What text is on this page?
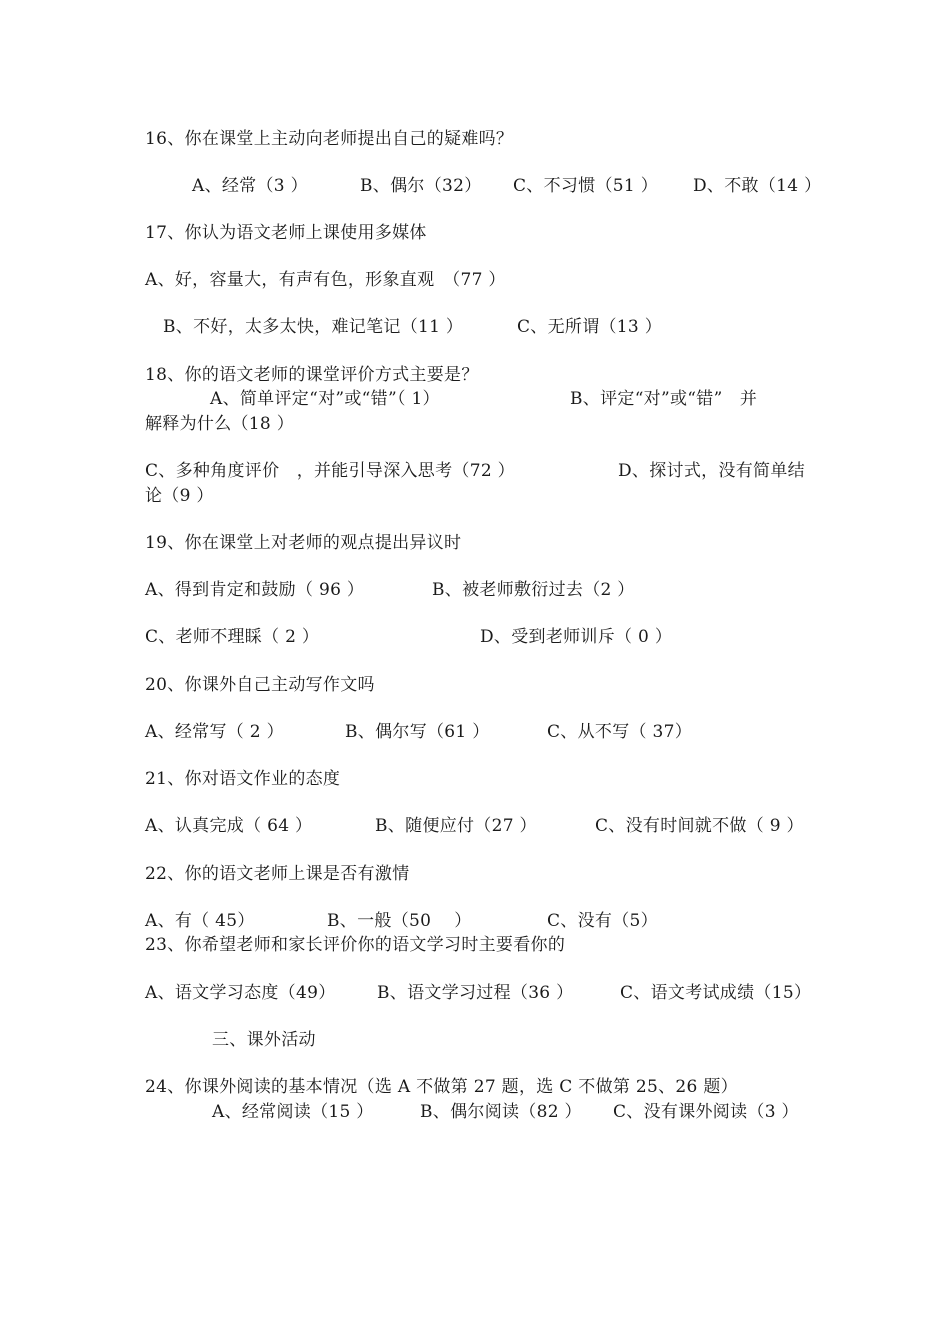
16、你在课堂上主动向老师提出自己的疑难吗？
A、经常（3 ）	B、偶尔（32） C、不习惯（51 ） D、不敢（14 ）
17、你认为语文老师上课使用多媒体
A、好，容量大，有声有色，形象直观　（77 ）
B、不好，太多太快，难记笔记（11 ）	C、无所谓（13 ）
18、你的语文老师的课堂评价方式主要是？
A、简单评定“对”或“错”（ 1）	B、评定“对”或“错”　并
解释为什么（18 ）
C、多种角度评价　，并能引导深入思考（72 ）	D、探讨式，没有简单结
论（9 ）
19、你在课堂上对老师的观点提出异议时
A、得到肯定和鼓励（ 96 ）	B、被老师敷衍过去（2 ）
C、老师不理睬（ 2 ）	D、受到老师训斥（ 0 ）
20、你课外自己主动写作文吗
A、经常写（ 2 ）	B、偶尔写（61 ）	C、从不写（ 37）
21、你对语文作业的态度
A、认真完成（ 64 ）	B、随便应付（27 ）	C、没有时间就不做（ 9 ）
22、你的语文老师上课是否有激情
A、有（ 45）	B、一般（50　 ）	C、没有（5）
23、你希望老师和家长评价你的语文学习时主要看你的
A、语文学习态度（49） B、语文学习过程（36 ）	C、语文考试成绩（15）
三、课外活动
24、你课外阅读的基本情况（选 A 不做第 27 题，选 C 不做第 25、26 题）
A、经常阅读（15 ）	B、偶尔阅读（82 ） C、没有课外阅读（3 ）
